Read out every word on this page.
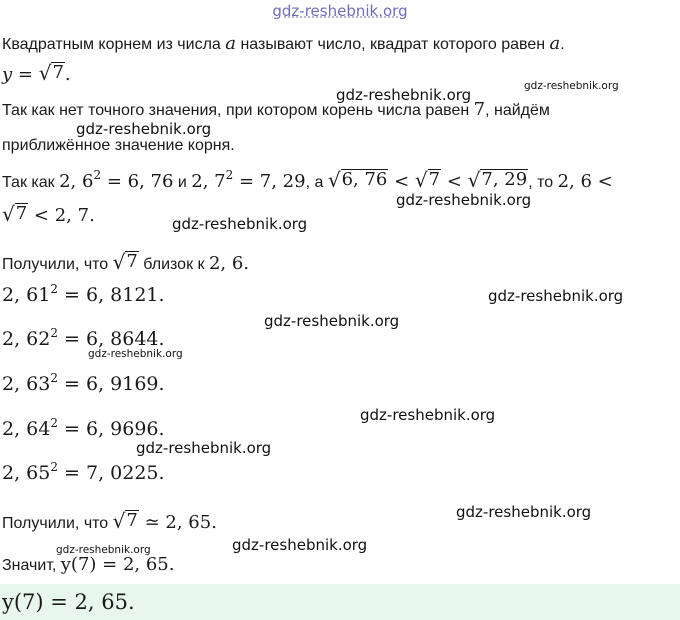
gdz-reshebnik.org
gdz-reshebnik.org	gdz-reshebnik.org
gdz-reshebnik.org
gdz-reshebnik.org
gdz-reshebnik.org
gdz-reshebnik.org
gdz-reshebnik.org
gdz-reshebnik.org
gdz-reshebnik.org
gdz-reshebnik.org
gdz-reshebnik.org
gdz-reshebnik.org	gdz-reshebnik.org
Квадратным корнем из числа a называют число, квадрат которого равен a.
y = √ 7 .
Так как нет точного значения, при котором корень числа равен 7, найдём
приближённое значение корня.
Так как 2, $6^2 = 6$, 76 и 2, $7^2 = 7$, 29, а √ 6, 76 < √ 7 < √ 7, 29 , то 2, 6 <
√ 7 < 2, 7.
Получили, что √ 7 близок к 2, 6.
2, $61^2 = 6$, 8121.
2, $62^2 = 6$, 8644.
2, $63^2 = 6$, 9169.
2, $64^2 = 6$, 9696.
2, $65^2 = 7$, 0225.
Получили, что √ 7 ≃ 2, 65.
Значит, y(7) = 2, 65.
y(7) = 2, 65.
